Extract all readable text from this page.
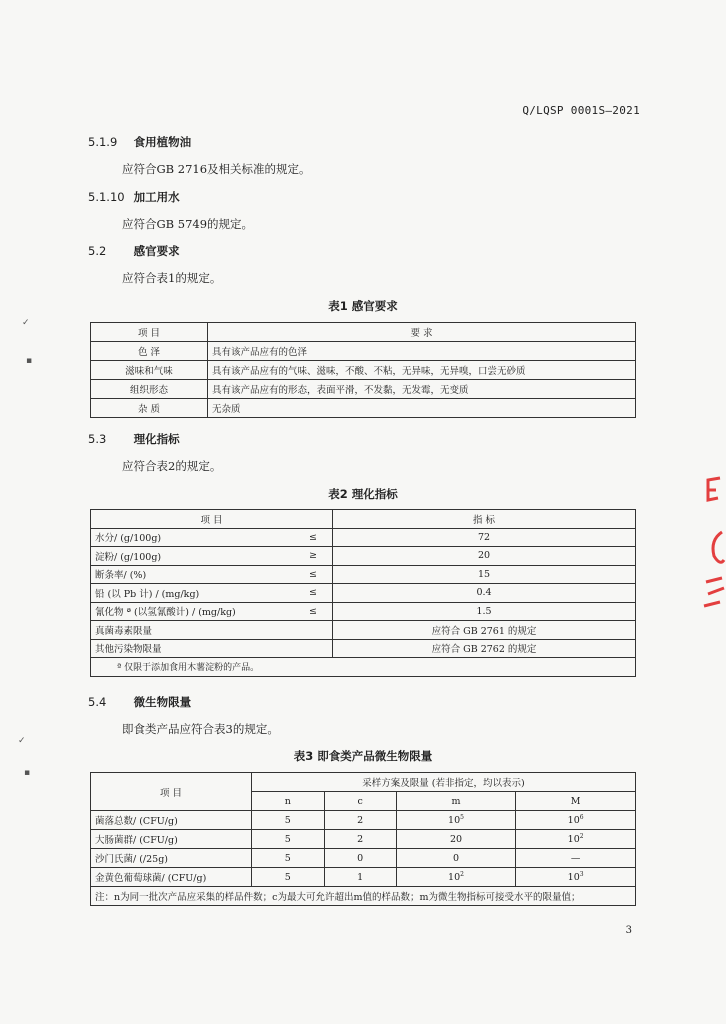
Q/LQSP 0001S—2021
5.1.9 食用植物油
应符合GB 2716及相关标准的规定。
5.1.10 加工用水
应符合GB 5749的规定。
5.2 感官要求
应符合表1的规定。
表1 感官要求
项 目	要 求
色 泽	具有该产品应有的色泽
滋味和气味	具有该产品应有的气味、滋味，不酸、不粘，无异味，无异嗅，口尝无砂质
组织形态	具有该产品应有的形态，表面平滑，不发黏，无发霉，无变质
杂 质	无杂质
5.3 理化指标
应符合表2的规定。
表2 理化指标
项 目		指 标
水分/ (g/100g)	≤	72
淀粉/ (g/100g)	≥	20
断条率/ (%)	≤	15
铅 (以 Pb 计) / (mg/kg)	≤	0.4
氰化物 ª (以氢氰酸计) / (mg/kg)	≤	1.5
真菌毒素限量		应符合 GB 2761 的规定
其他污染物限量		应符合 GB 2762 的规定
ª 仅限于添加食用木薯淀粉的产品。		
5.4 微生物限量
即食类产品应符合表3的规定。
表3 即食类产品微生物限量
项 目	采样方案及限量 (若非指定，均以表示)			
	n	c	m	M
菌落总数/ (CFU/g)	5	2	$10^5$	$10^6$
大肠菌群/ (CFU/g)	5	2	20	$10^2$
沙门氏菌/ (/25g)	5	0	0	—
金黄色葡萄球菌/ (CFU/g)	5	1	$10^2$	$10^3$
注：n为同一批次产品应采集的样品件数；c为最大可允许超出m值的样品数；m为微生物指标可接受水平的限量值；				
3
✓
▪
✓
▪
